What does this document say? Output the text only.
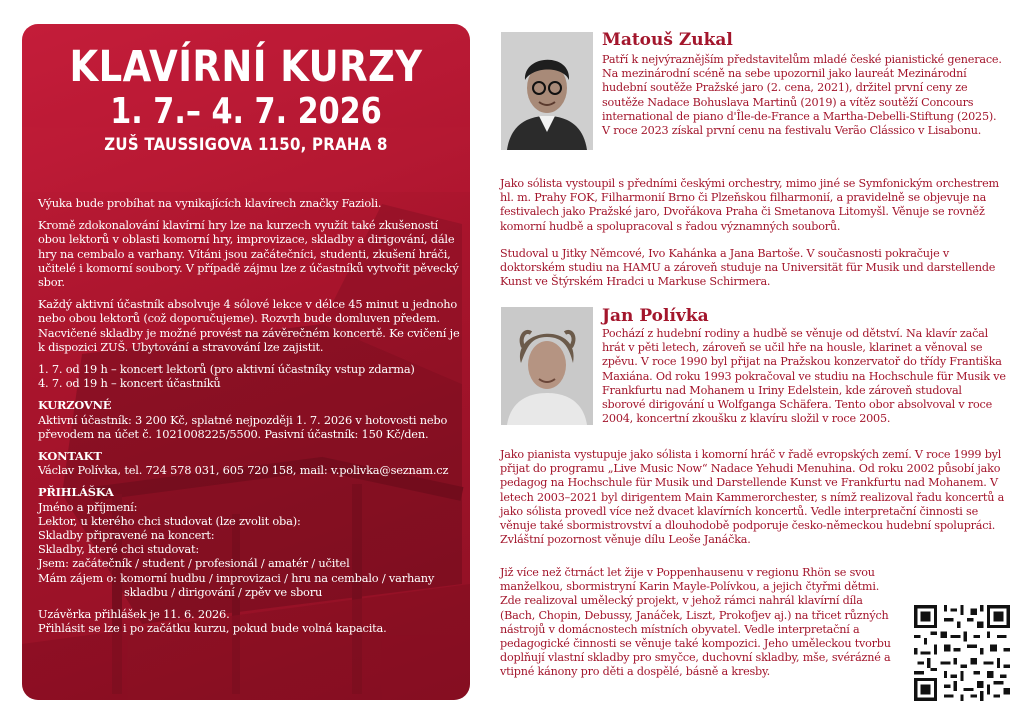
KLAVÍRNÍ KURZY
1. 7.– 4. 7. 2026
ZUŠ TAUSSIGOVA 1150, PRAHA 8

Výuka bude probíhat na vynikajících klavírech značky Fazioli.

Kromě zdokonalování klavírní hry lze na kurzech využít také zkušeností obou lektorů v oblasti komorní hry, improvizace, skladby a dirigování, dále hry na cembalo a varhany. Vítáni jsou začátečníci, studenti, zkušení hráči, učitelé i komorní soubory. V případě zájmu lze z účastníků vytvořit pěvecký sbor.

Každý aktivní účastník absolvuje 4 sólové lekce v délce 45 minut u jednoho nebo obou lektorů (což doporučujeme). Rozvrh bude domluven předem. Nacvičené skladby je možné provést na závěrečném koncertě. Ke cvičení je k dispozici ZUŠ. Ubytování a stravování lze zajistit.

1. 7. od 19 h – koncert lektorů (pro aktivní účastníky vstup zdarma)

4. 7. od 19 h – koncert účastníků

KURZOVNÉ

Aktivní účastník: 3 200 Kč, splatné nejpozději 1. 7. 2026 v hotovosti nebo převodem na účet č. 1021008225/5500. Pasivní účastník: 150 Kč/den.

KONTAKT

Václav Polívka, tel. 724 578 031, 605 720 158, mail: v.polivka@seznam.cz

PŘIHLÁŠKA
Jméno a příjmení:
Lektor, u kterého chci studovat (lze zvolit oba):
Skladby připravené na koncert:
Skladby, které chci studovat:
Jsem: začátečník / student / profesionál / amatér / učitel
Mám zájem o: komorní hudbu / improvizaci / hru na cembalo / varhany

skladbu / dirigování / zpěv ve sboru

Uzávěrka přihlášek je 11. 6. 2026.
Přihlásit se lze i po začátku kurzu, pokud bude volná kapacita.
Matouš Zukal
Patří k nejvýraznějším představitelům mladé české pianistické generace. Na mezinárodní scéně na sebe upozornil jako laureát Mezinárodní hudební soutěže Pražské jaro (2. cena, 2021), držitel první ceny ze soutěže Nadace Bohuslava Martinů (2019) a vítěz soutěží Concours international de piano d'Île-de-France a Martha-Debelli-Stiftung (2025). V roce 2023 získal první cenu na festivalu Verão Clássico v Lisabonu.
Jako sólista vystoupil s předními českými orchestry, mimo jiné se Symfonickým orchestrem hl. m. Prahy FOK, Filharmonií Brno či Plzeňskou filharmonií, a pravidelně se objevuje na festivalech jako Pražské jaro, Dvořákova Praha či Smetanova Litomyšl. Věnuje se rovněž komorní hudbě a spolupracoval s řadou významných souborů.
Studoval u Jitky Němcové, Ivo Kahánka a Jana Bartoše. V současnosti pokračuje v doktorském studiu na HAMU a zároveň studuje na Universität für Musik und darstellende Kunst ve Štýrském Hradci u Markuse Schirmera.
Jan Polívka
Pochází z hudební rodiny a hudbě se věnuje od dětství. Na klavír začal hrát v pěti letech, zároveň se učil hře na housle, klarinet a věnoval se zpěvu. V roce 1990 byl přijat na Pražskou konzervatoř do třídy Františka Maxiána. Od roku 1993 pokračoval ve studiu na Hochschule für Musik ve Frankfurtu nad Mohanem u Iriny Edelstein, kde zároveň studoval sborové dirigování u Wolfganga Schäfera. Tento obor absolvoval v roce 2004, koncertní zkoušku z klavíru složil v roce 2005.
Jako pianista vystupuje jako sólista i komorní hráč v řadě evropských zemí. V roce 1999 byl přijat do programu „Live Music Now“ Nadace Yehudi Menuhina. Od roku 2002 působí jako pedagog na Hochschule für Musik und Darstellende Kunst ve Frankfurtu nad Mohanem. V letech 2003–2021 byl dirigentem Main Kammerorchester, s nímž realizoval řadu koncertů a jako sólista provedl více než dvacet klavírních koncertů. Vedle interpretační činnosti se věnuje také sbormistrovství a dlouhodobě podporuje česko-německou hudební spolupráci. Zvláštní pozornost věnuje dílu Leoše Janáčka.
Již více než čtrnáct let žije v Poppenhausenu v regionu Rhön se svou manželkou, sbormistryní Karin Mayle-Polívkou, a jejich čtyřmi dětmi. Zde realizoval umělecký projekt, v jehož rámci nahrál klavírní díla (Bach, Chopin, Debussy, Janáček, Liszt, Prokofjev aj.) na třicet různých nástrojů v domácnostech místních obyvatel. Vedle interpretační a pedagogické činnosti se věnuje také kompozici. Jeho uměleckou tvorbu doplňují vlastní skladby pro smyčce, duchovní skladby, mše, svérázné a vtipné kánony pro děti a dospělé, básně a kresby.
